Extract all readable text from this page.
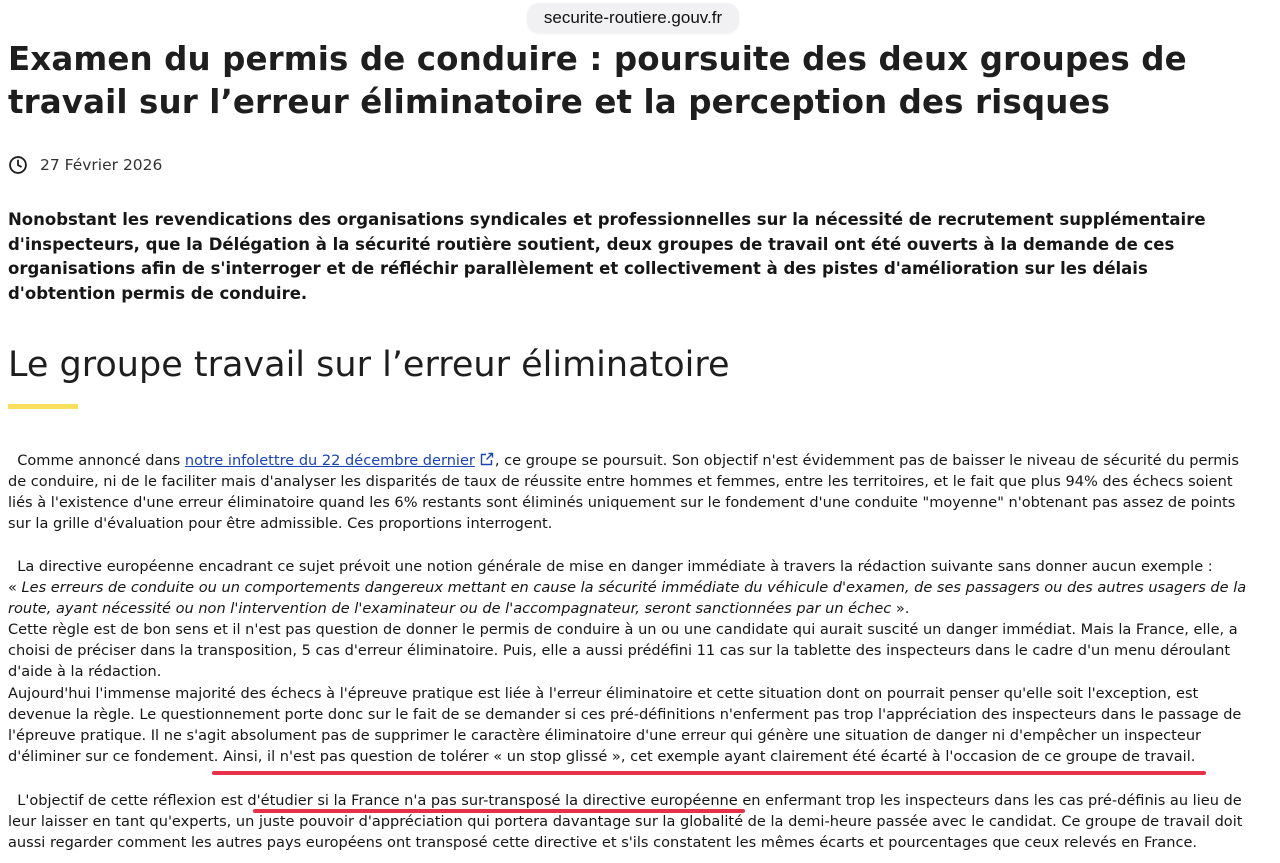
securite-routiere.gouv.fr
Examen du permis de conduire : poursuite des deux groupes de travail sur l’erreur éliminatoire et la perception des risques
27 Février 2026

Nonobstant les revendications des organisations syndicales et professionnelles sur la nécessité de recrutement supplémentaire d'inspecteurs, que la Délégation à la sécurité routière soutient, deux groupes de travail ont été ouverts à la demande de ces organisations afin de s'interroger et de réfléchir parallèlement et collectivement à des pistes d'amélioration sur les délais d'obtention permis de conduire.

Le groupe travail sur l’erreur éliminatoire

Comme annoncé dans notre infolettre du 22 décembre dernier , ce groupe se poursuit. Son objectif n'est évidemment pas de baisser le niveau de sécurité du permis de conduire, ni de le faciliter mais d'analyser les disparités de taux de réussite entre hommes et femmes, entre les territoires, et le fait que plus 94% des échecs soient liés à l'existence d'une erreur éliminatoire quand les 6% restants sont éliminés uniquement sur le fondement d'une conduite "moyenne" n'obtenant pas assez de points sur la grille d'évaluation pour être admissible. Ces proportions interrogent.

La directive européenne encadrant ce sujet prévoit une notion générale de mise en danger immédiate à travers la rédaction suivante sans donner aucun exemple :

« Les erreurs de conduite ou un comportements dangereux mettant en cause la sécurité immédiate du véhicule d'examen, de ses passagers ou des autres usagers de la route, ayant nécessité ou non l'intervention de l'examinateur ou de l'accompagnateur, seront sanctionnées par un échec ».

Cette règle est de bon sens et il n'est pas question de donner le permis de conduire à un ou une candidate qui aurait suscité un danger immédiat. Mais la France, elle, a choisi de préciser dans la transposition, 5 cas d'erreur éliminatoire. Puis, elle a aussi prédéfini 11 cas sur la tablette des inspecteurs dans le cadre d'un menu déroulant d'aide à la rédaction.

Aujourd'hui l'immense majorité des échecs à l'épreuve pratique est liée à l'erreur éliminatoire et cette situation dont on pourrait penser qu'elle soit l'exception, est devenue la règle. Le questionnement porte donc sur le fait de se demander si ces pré-définitions n'enferment pas trop l'appréciation des inspecteurs dans le passage de l'épreuve pratique. Il ne s'agit absolument pas de supprimer le caractère éliminatoire d'une erreur qui génère une situation de danger ni d'empêcher un inspecteur d'éliminer sur ce fondement. Ainsi, il n'est pas question de tolérer « un stop glissé », cet exemple ayant clairement été écarté à l'occasion de ce groupe de travail.

L'objectif de cette réflexion est d'étudier si la France n'a pas sur-transposé la directive européenne en enfermant trop les inspecteurs dans les cas pré-définis au lieu de leur laisser en tant qu'experts, un juste pouvoir d'appréciation qui portera davantage sur la globalité de la demi-heure passée avec le candidat. Ce groupe de travail doit aussi regarder comment les autres pays européens ont transposé cette directive et s'ils constatent les mêmes écarts et pourcentages que ceux relevés en France.
